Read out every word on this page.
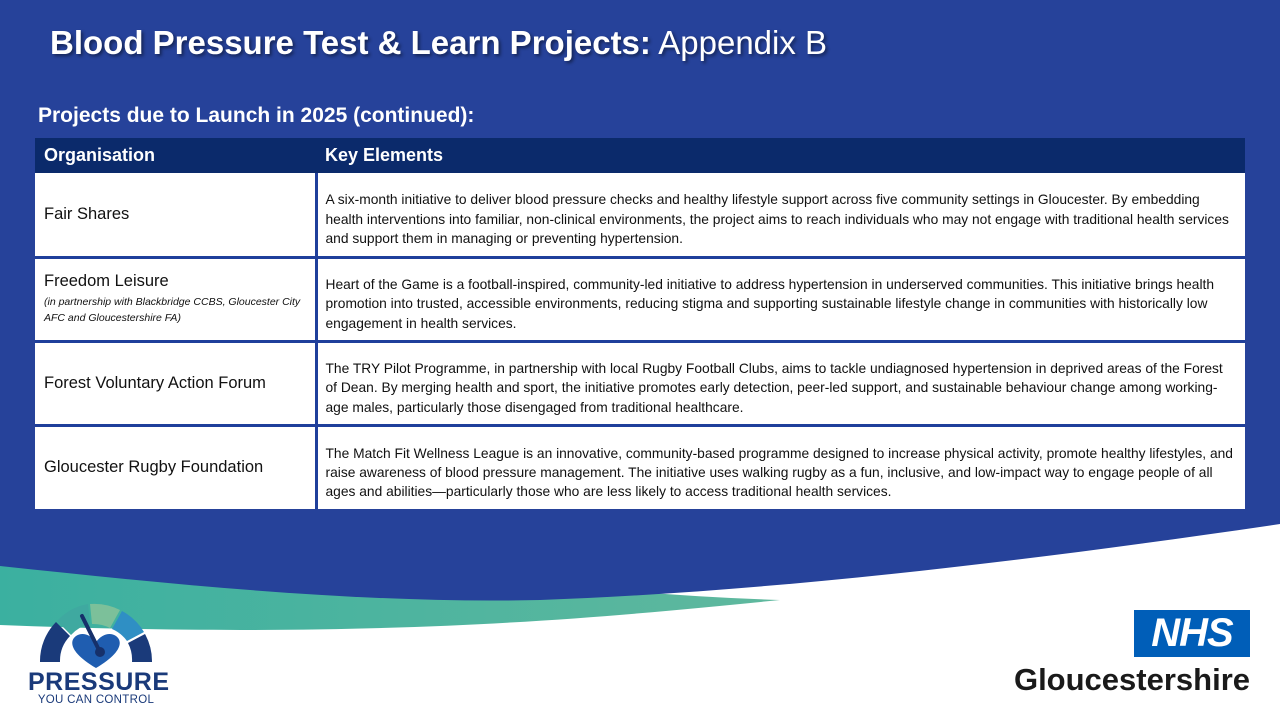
Blood Pressure Test & Learn Projects: Appendix B

Projects due to Launch in 2025 (continued):

Organisation	Key Elements

Fair Shares	A six-month initiative to deliver blood pressure checks and healthy lifestyle support across five community settings in Gloucester. By embedding health interventions into familiar, non-clinical environments, the project aims to reach individuals who may not engage with traditional health services and support them in managing or preventing hypertension.

Freedom Leisure
(in partnership with Blackbridge CCBS, Gloucester City AFC and Gloucestershire FA)	Heart of the Game is a football-inspired, community-led initiative to address hypertension in underserved communities. This initiative brings health promotion into trusted, accessible environments, reducing stigma and supporting sustainable lifestyle change in communities with historically low engagement in health services.

Forest Voluntary Action Forum	The TRY Pilot Programme, in partnership with local Rugby Football Clubs, aims to tackle undiagnosed hypertension in deprived areas of the Forest of Dean. By merging health and sport, the initiative promotes early detection, peer-led support, and sustainable behaviour change among working-age males, particularly those disengaged from traditional healthcare.

Gloucester Rugby Foundation	The Match Fit Wellness League is an innovative, community-based programme designed to increase physical activity, promote healthy lifestyles, and raise awareness of blood pressure management. The initiative uses walking rugby as a fun, inclusive, and low-impact way to engage people of all ages and abilities—particularly those who are less likely to access traditional health services.
PRESSURE
YOU CAN CONTROL
NHS

Gloucestershire
